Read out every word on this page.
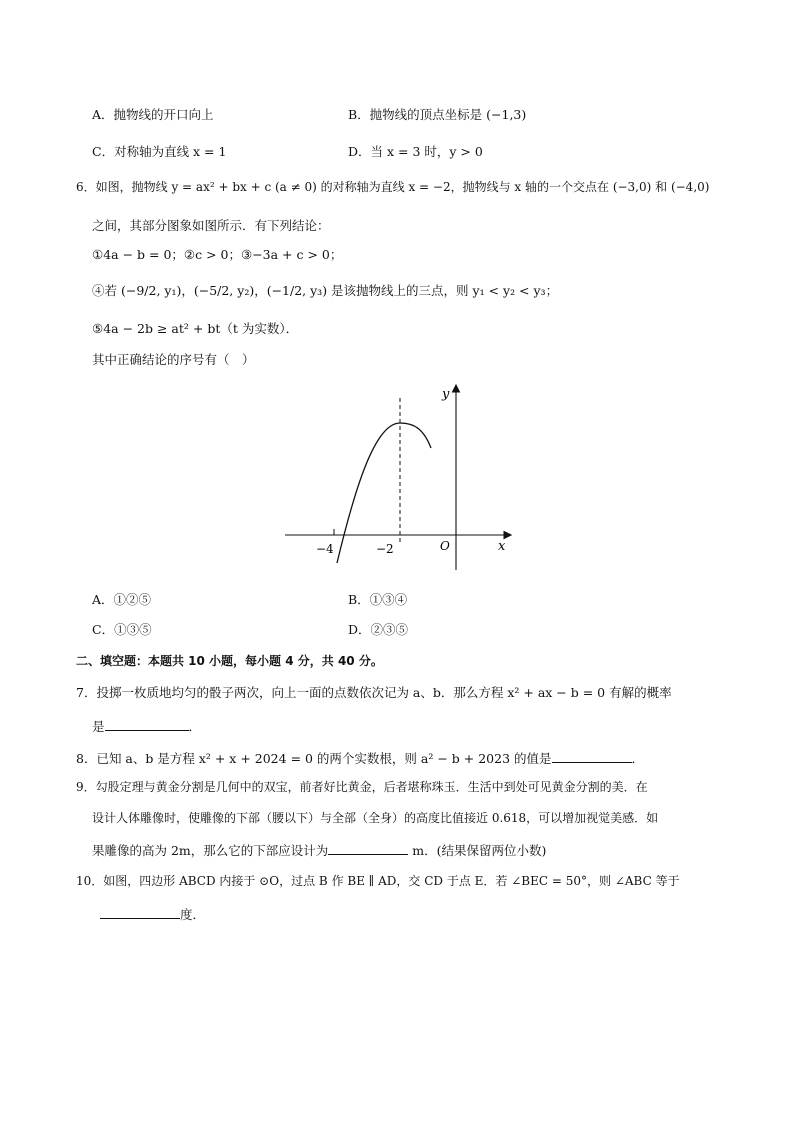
A．抛物线的开口向上	B．抛物线的顶点坐标是 (−1,3)
C．对称轴为直线 x = 1	D．当 x = 3 时，y > 0
6．如图，抛物线 y = ax² + bx + c (a ≠ 0) 的对称轴为直线 x = −2，抛物线与 x 轴的一个交点在 (−3,0) 和 (−4,0)
之间，其部分图象如图所示．有下列结论：
①4a − b = 0；②c > 0；③−3a + c > 0；
④若 (−9/2, y₁)，(−5/2, y₂)，(−1/2, y₃) 是该抛物线上的三点，则 y₁ < y₂ < y₃；
⑤4a − 2b ≥ at² + bt（t 为实数）．
其中正确结论的序号有（　）
y
x
O
−4	−2
A．①②⑤	B．①③④
C．①③⑤	D．②③⑤
二、填空题：本题共 10 小题，每小题 4 分，共 40 分。
7．投掷一枚质地均匀的骰子两次，向上一面的点数依次记为 a、b．那么方程 x² + ax − b = 0 有解的概率
是	．
8．已知 a、b 是方程 x² + x + 2024 = 0 的两个实数根，则 a² − b + 2023 的值是	．
9．勾股定理与黄金分割是几何中的双宝，前者好比黄金，后者堪称珠玉．生活中到处可见黄金分割的美．在
设计人体雕像时，使雕像的下部（腰以下）与全部（全身）的高度比值接近 0.618，可以增加视觉美感．如
果雕像的高为 2m，那么它的下部应设计为	m．(结果保留两位小数)
10．如图，四边形 ABCD 内接于 ⊙O，过点 B 作 BE ∥ AD，交 CD 于点 E．若 ∠BEC = 50°，则 ∠ABC 等于
度．
